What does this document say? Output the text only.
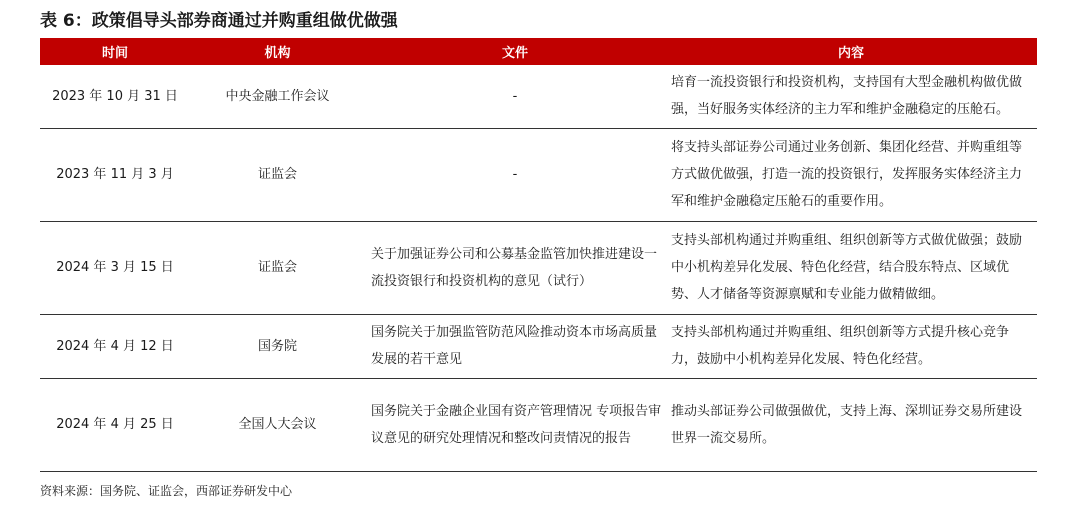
表 6：政策倡导头部券商通过并购重组做优做强
时间	机构	文件	内容
2023 年 10 月 31 日	中央金融工作会议	-	培育一流投资银行和投资机构，支持国有大型金融机构做优做强，当好服务实体经济的主力军和维护金融稳定的压舱石。
2023 年 11 月 3 月	证监会	-	将支持头部证券公司通过业务创新、集团化经营、并购重组等方式做优做强，打造一流的投资银行，发挥服务实体经济主力军和维护金融稳定压舱石的重要作用。
2024 年 3 月 15 日	证监会	关于加强证券公司和公募基金监管加快推进建设一流投资银行和投资机构的意见（试行）	支持头部机构通过并购重组、组织创新等方式做优做强；鼓励中小机构差异化发展、特色化经营，结合股东特点、区域优势、人才储备等资源禀赋和专业能力做精做细。
2024 年 4 月 12 日	国务院	国务院关于加强监管防范风险推动资本市场高质量发展的若干意见	支持头部机构通过并购重组、组织创新等方式提升核心竞争力，鼓励中小机构差异化发展、特色化经营。
2024 年 4 月 25 日	全国人大会议	国务院关于金融企业国有资产管理情况 专项报告审议意见的研究处理情况和整改问责情况的报告	推动头部证券公司做强做优，支持上海、深圳证券交易所建设世界一流交易所。
资料来源：国务院、证监会，西部证券研发中心
